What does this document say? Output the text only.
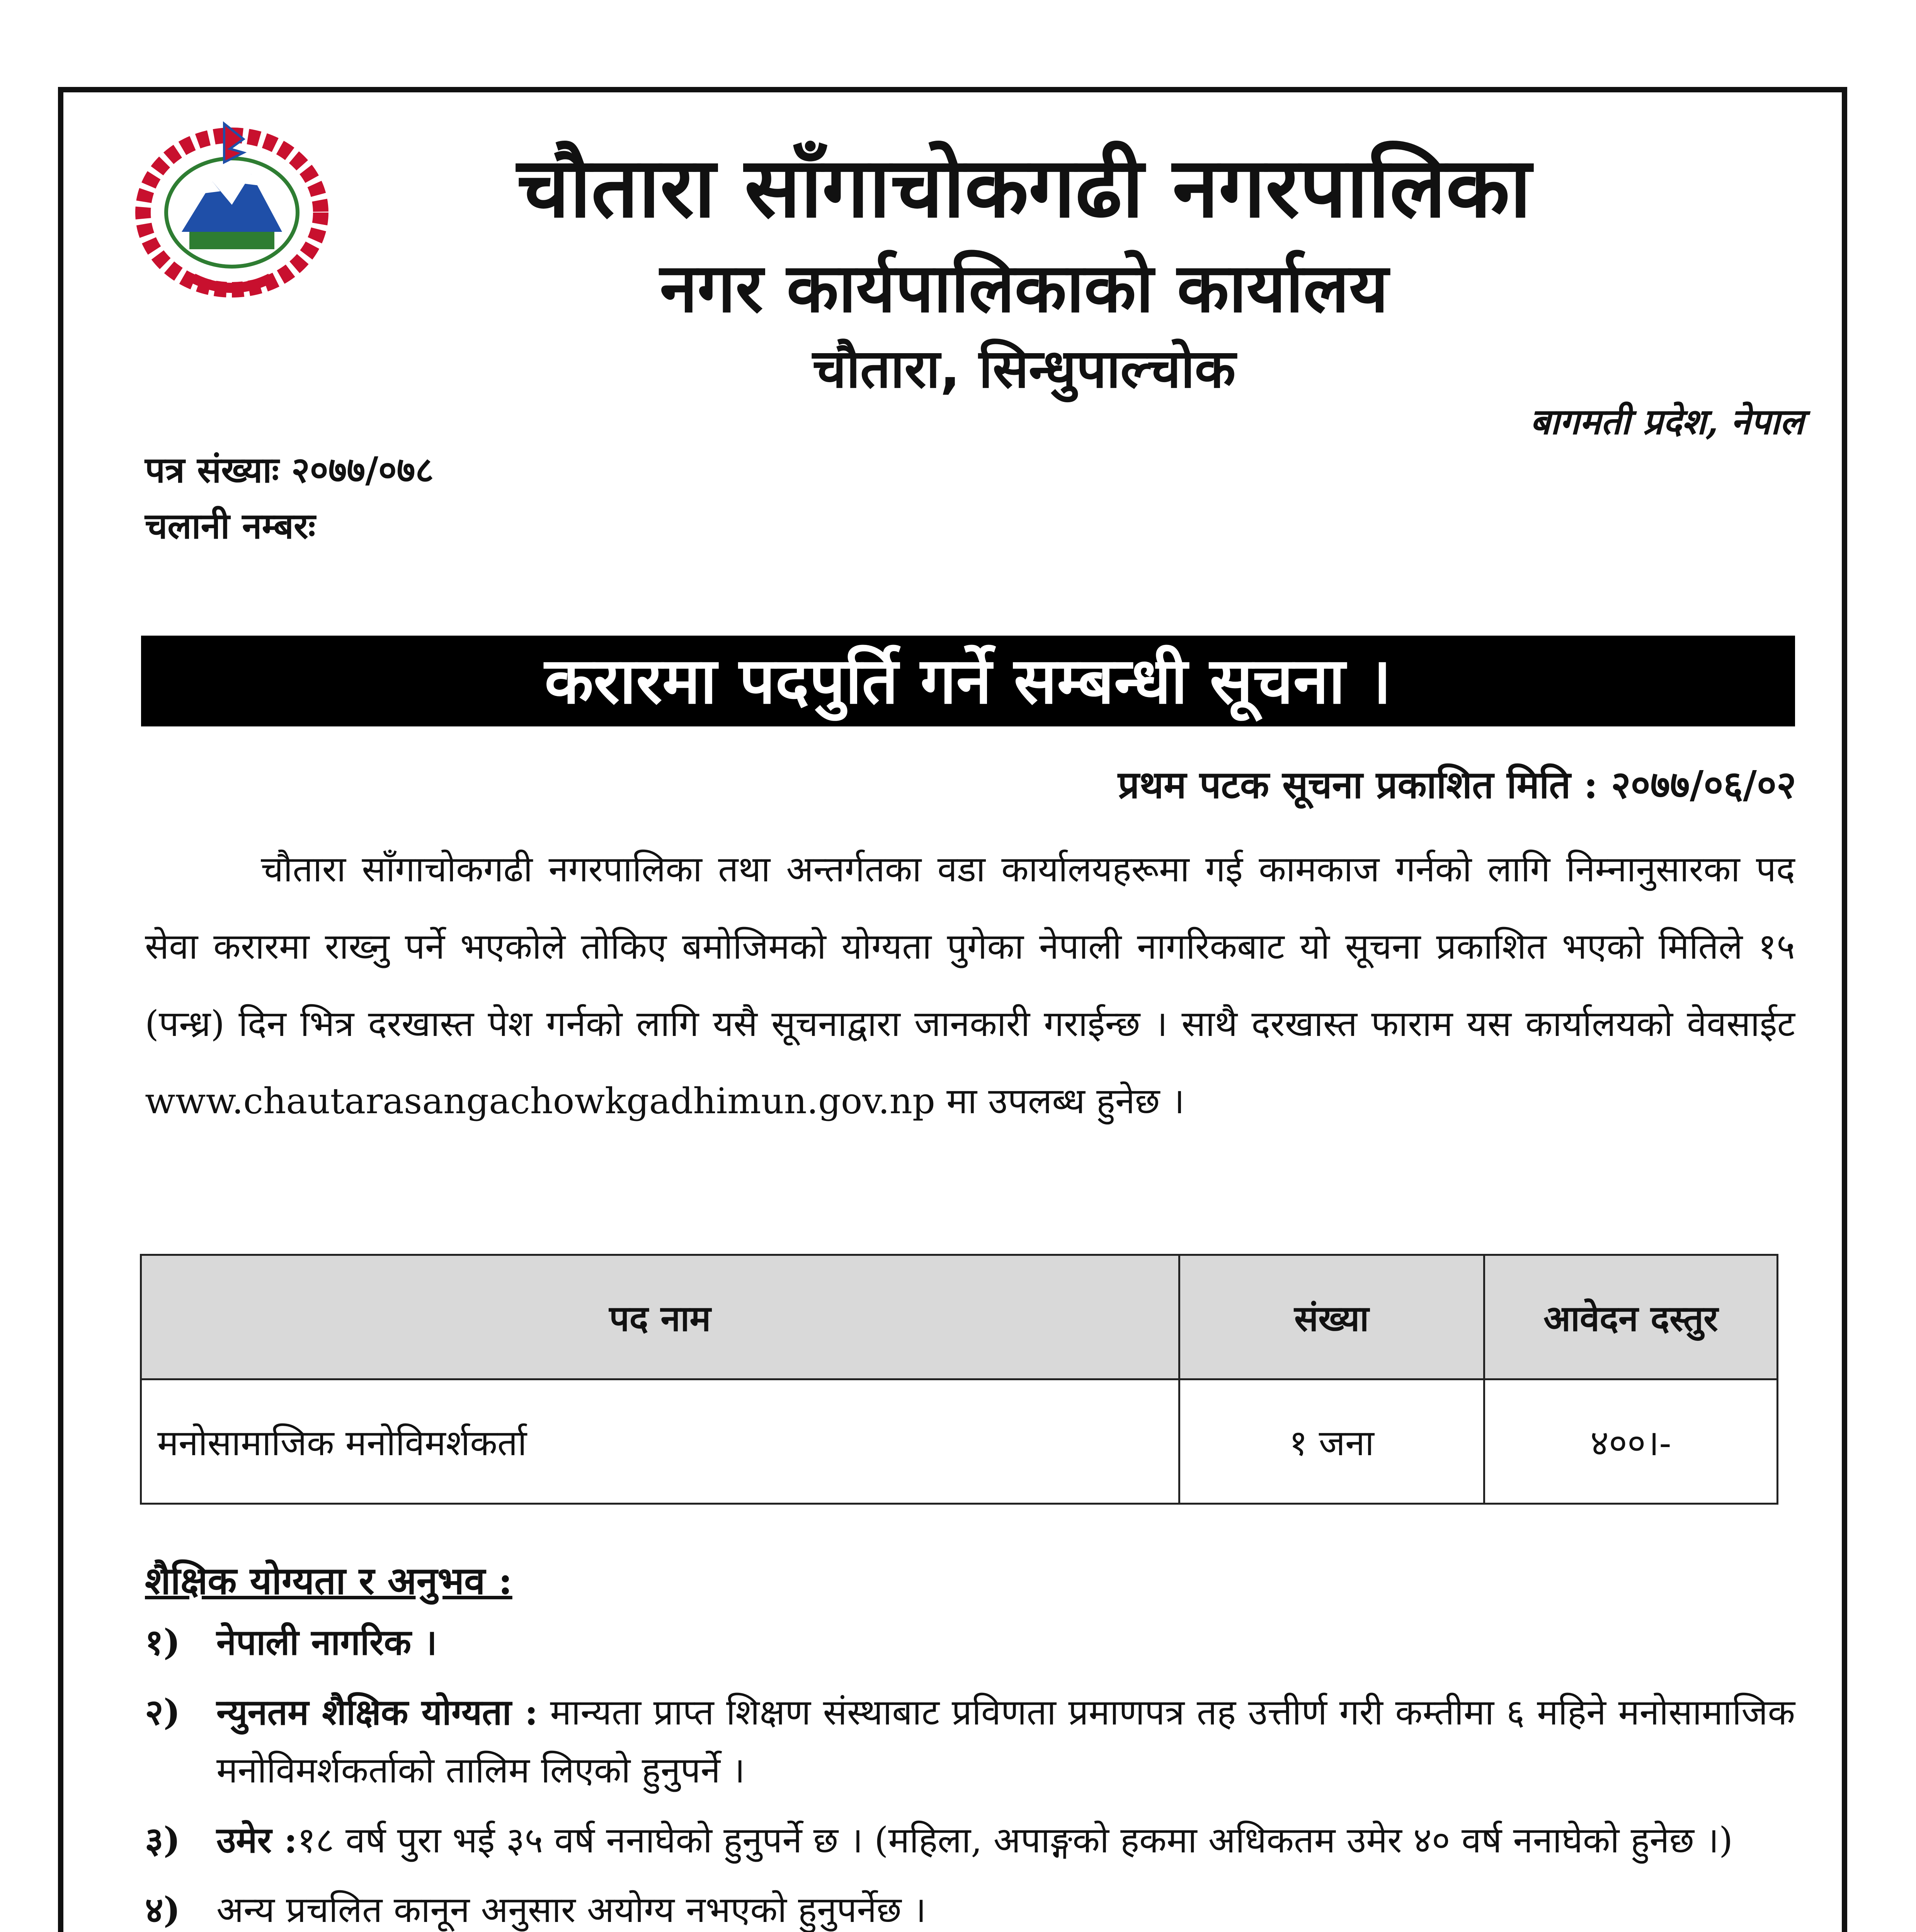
चौतारा साँगाचोकगढी नगरपालिका
नगर कार्यपालिकाको कार्यालय
चौतारा, सिन्धुपाल्चोक
बागमती प्रदेश, नेपाल
पत्र संख्याः २०७७/०७८
चलानी नम्बरः
करारमा पदपुर्ति गर्ने सम्बन्धी सूचना ।
प्रथम पटक सूचना प्रकाशित मिति : २०७७/०६/०२
चौतारा साँगाचोकगढी नगरपालिका तथा अन्तर्गतका वडा कार्यालयहरूमा गई कामकाज गर्नको लागि निम्नानुसारका पद सेवा करारमा राख्नु पर्ने भएकोले तोकिए बमोजिमको योग्यता पुगेका नेपाली नागरिकबाट यो सूचना प्रकाशित भएको मितिले १५ (पन्ध्र) दिन भित्र दरखास्त पेश गर्नको लागि यसै सूचनाद्वारा जानकारी गराईन्छ । साथै दरखास्त फाराम यस कार्यालयको वेवसाईट www.chautarasangachowkgadhimun.gov.np मा उपलब्ध हुनेछ ।
पद नाम	संख्या	आवेदन दस्तुर
मनोसामाजिक मनोविमर्शकर्ता	१ जना	४००।-
शैक्षिक योग्यता र अनुभव :
१)	नेपाली नागरिक ।
२)	न्युनतम शैक्षिक योग्यता : मान्यता प्राप्त शिक्षण संस्थाबाट प्रविणता प्रमाणपत्र तह उत्तीर्ण गरी कम्तीमा ६ महिने मनोसामाजिक मनोविमर्शकर्ताको तालिम लिएको हुनुपर्ने ।
३)	उमेर :१८ वर्ष पुरा भई ३५ वर्ष ननाघेको हुनुपर्ने छ । (महिला, अपाङ्गको हकमा अधिकतम उमेर ४० वर्ष ननाघेको हुनेछ ।)
४)	अन्य प्रचलित कानून अनुसार अयोग्य नभएको हुनुपर्नेछ ।
